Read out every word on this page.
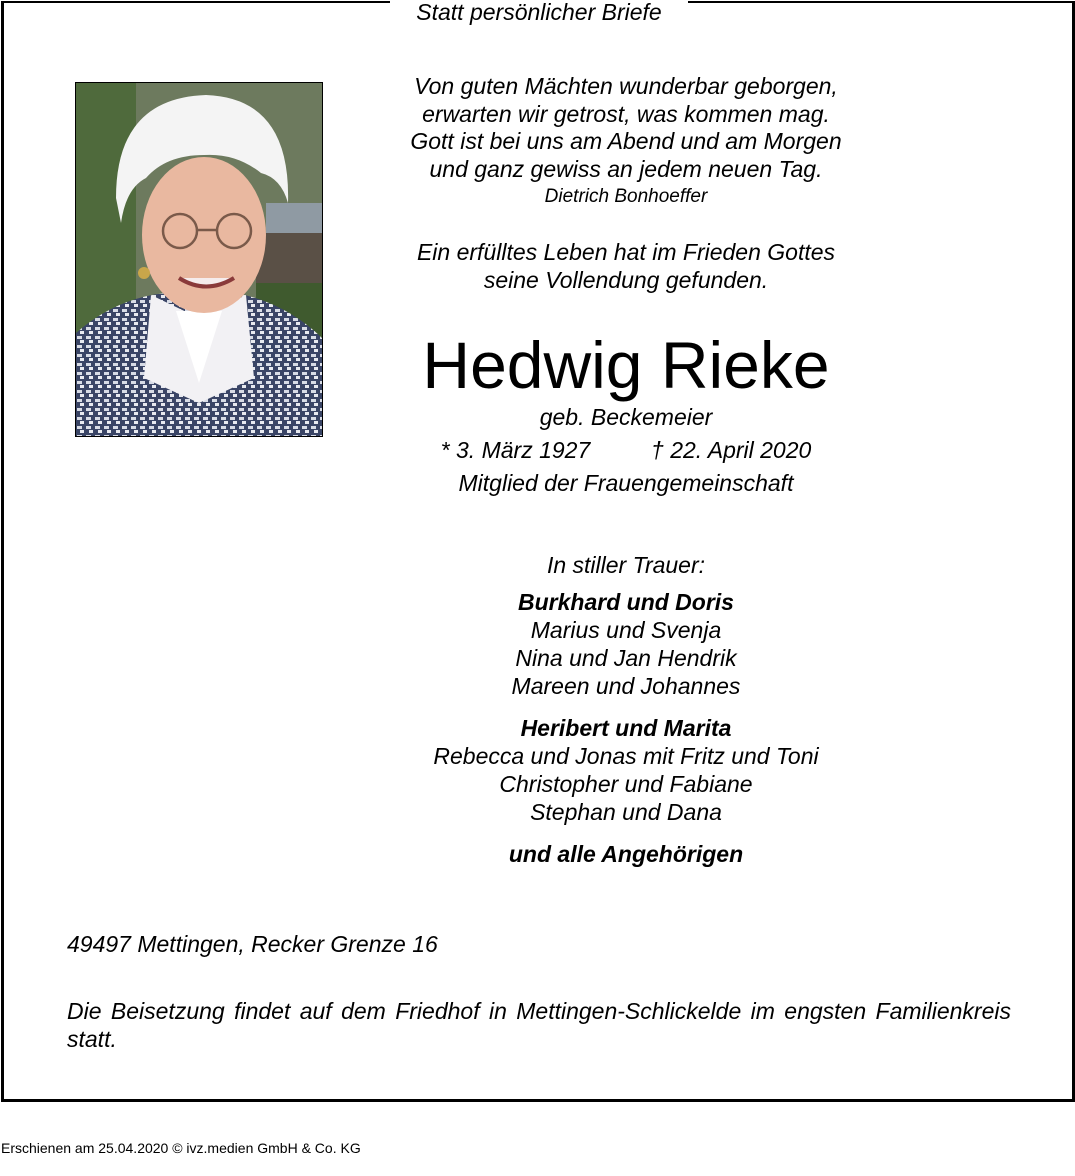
Statt persönlicher Briefe
Von guten Mächten wunderbar geborgen,
erwarten wir getrost, was kommen mag.
Gott ist bei uns am Abend und am Morgen
und ganz gewiss an jedem neuen Tag.
Dietrich Bonhoeffer
Ein erfülltes Leben hat im Frieden Gottes
seine Vollendung gefunden.
Hedwig Rieke
geb. Beckemeier
* 3. März 1927	† 22. April 2020
Mitglied der Frauengemeinschaft
In stiller Trauer:
Burkhard und Doris
Marius und Svenja
Nina und Jan Hendrik
Mareen und Johannes
Heribert und Marita
Rebecca und Jonas mit Fritz und Toni
Christopher und Fabiane
Stephan und Dana
und alle Angehörigen
49497 Mettingen, Recker Grenze 16
Die Beisetzung findet auf dem Friedhof in Mettingen-Schlickelde im engsten Familienkreis statt.
Erschienen am 25.04.2020 © ivz.medien GmbH & Co. KG
